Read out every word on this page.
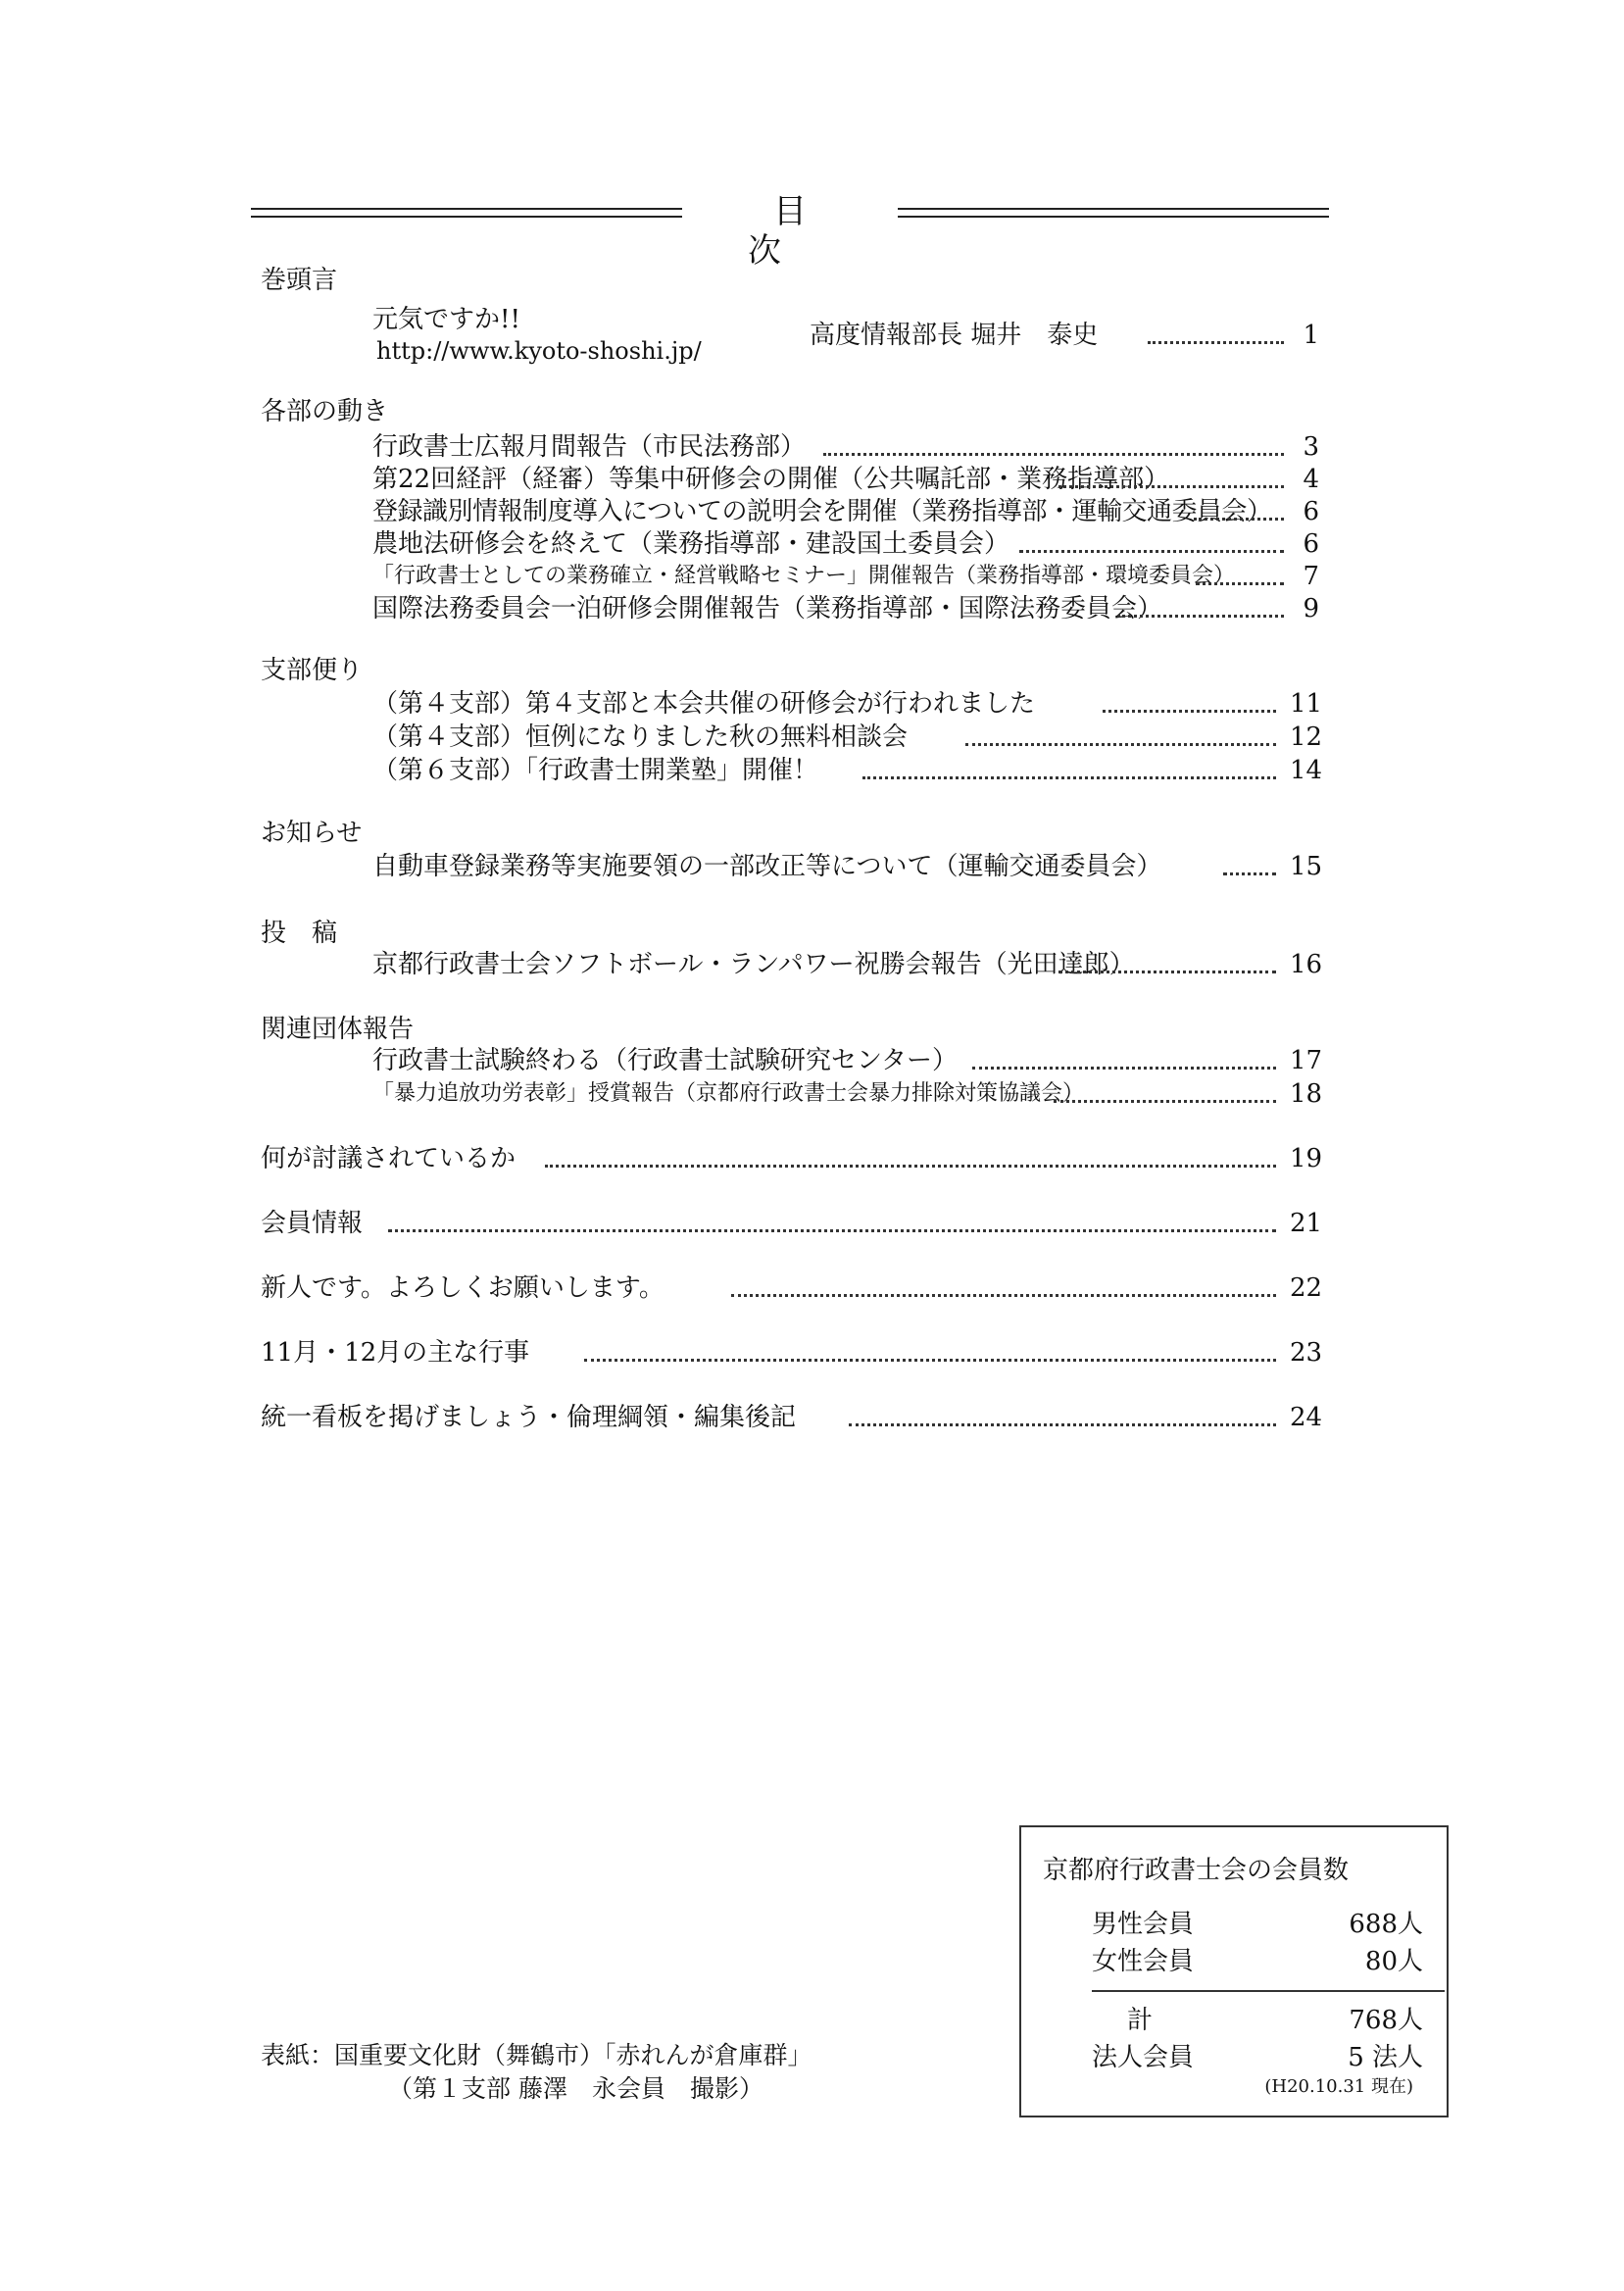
目　次
巻頭言
元気ですか!!
http://www.kyoto-shoshi.jp/
高度情報部長 堀井　泰史	1
各部の動き
行政書士広報月間報告（市民法務部）	3
第22回経評（経審）等集中研修会の開催（公共嘱託部・業務指導部）	4
登録識別情報制度導入についての説明会を開催（業務指導部・運輸交通委員会）	6
農地法研修会を終えて（業務指導部・建設国土委員会）	6
「行政書士としての業務確立・経営戦略セミナー」開催報告（業務指導部・環境委員会）	7
国際法務委員会一泊研修会開催報告（業務指導部・国際法務委員会）	9
支部便り
（第４支部）第４支部と本会共催の研修会が行われました	11
（第４支部）恒例になりました秋の無料相談会	12
（第６支部）「行政書士開業塾」開催！	14
お知らせ
自動車登録業務等実施要領の一部改正等について（運輸交通委員会）	15
投　稿
京都行政書士会ソフトボール・ランパワー祝勝会報告（光田達郎）	16
関連団体報告
行政書士試験終わる（行政書士試験研究センター）	17
「暴力追放功労表彰」授賞報告（京都府行政書士会暴力排除対策協議会）	18
何が討議されているか	19
会員情報	21
新人です。よろしくお願いします。	22
11月・12月の主な行事	23
統一看板を掲げましょう・倫理綱領・編集後記	24
表紙：国重要文化財（舞鶴市）「赤れんが倉庫群」
（第１支部 藤澤　永会員　撮影）
京都府行政書士会の会員数
男性会員	688人
女性会員	80人
計	768人
法人会員	5 法人
(H20.10.31 現在)
